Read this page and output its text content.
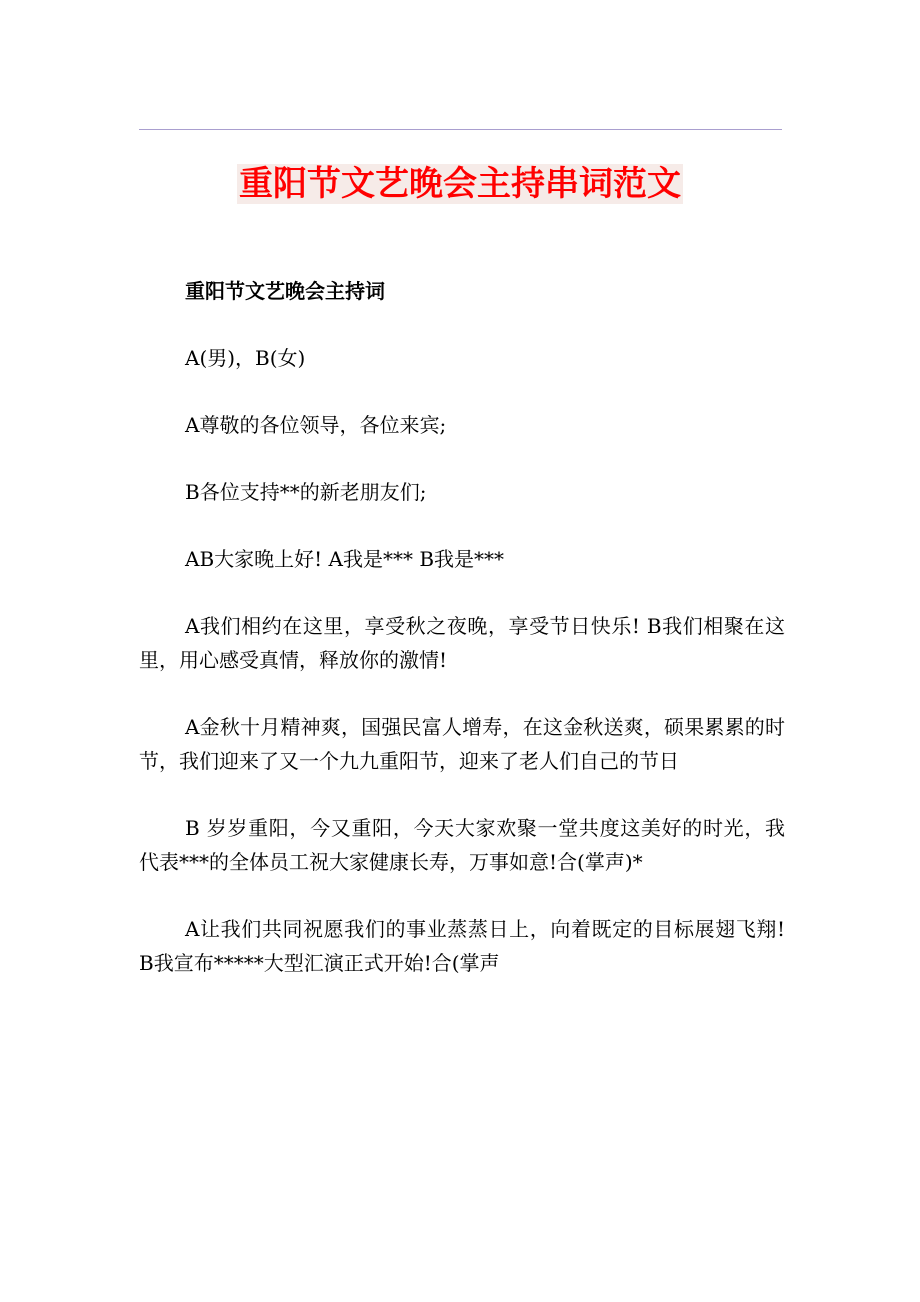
重阳节文艺晚会主持串词范文

重阳节文艺晚会主持词

A(男)，B(女)

A尊敬的各位领导，各位来宾;

B各位支持**的新老朋友们;

AB大家晚上好! A我是*** B我是***

A我们相约在这里，享受秋之夜晚，享受节日快乐! B我们相聚在这里，用心感受真情，释放你的激情!

A金秋十月精神爽，国强民富人增寿，在这金秋送爽，硕果累累的时节，我们迎来了又一个九九重阳节，迎来了老人们自己的节日

B 岁岁重阳，今又重阳，今天大家欢聚一堂共度这美好的时光，我代表***的全体员工祝大家健康长寿，万事如意!合(掌声)*

A让我们共同祝愿我们的事业蒸蒸日上，向着既定的目标展翅飞翔! B我宣布*****大型汇演正式开始!合(掌声
